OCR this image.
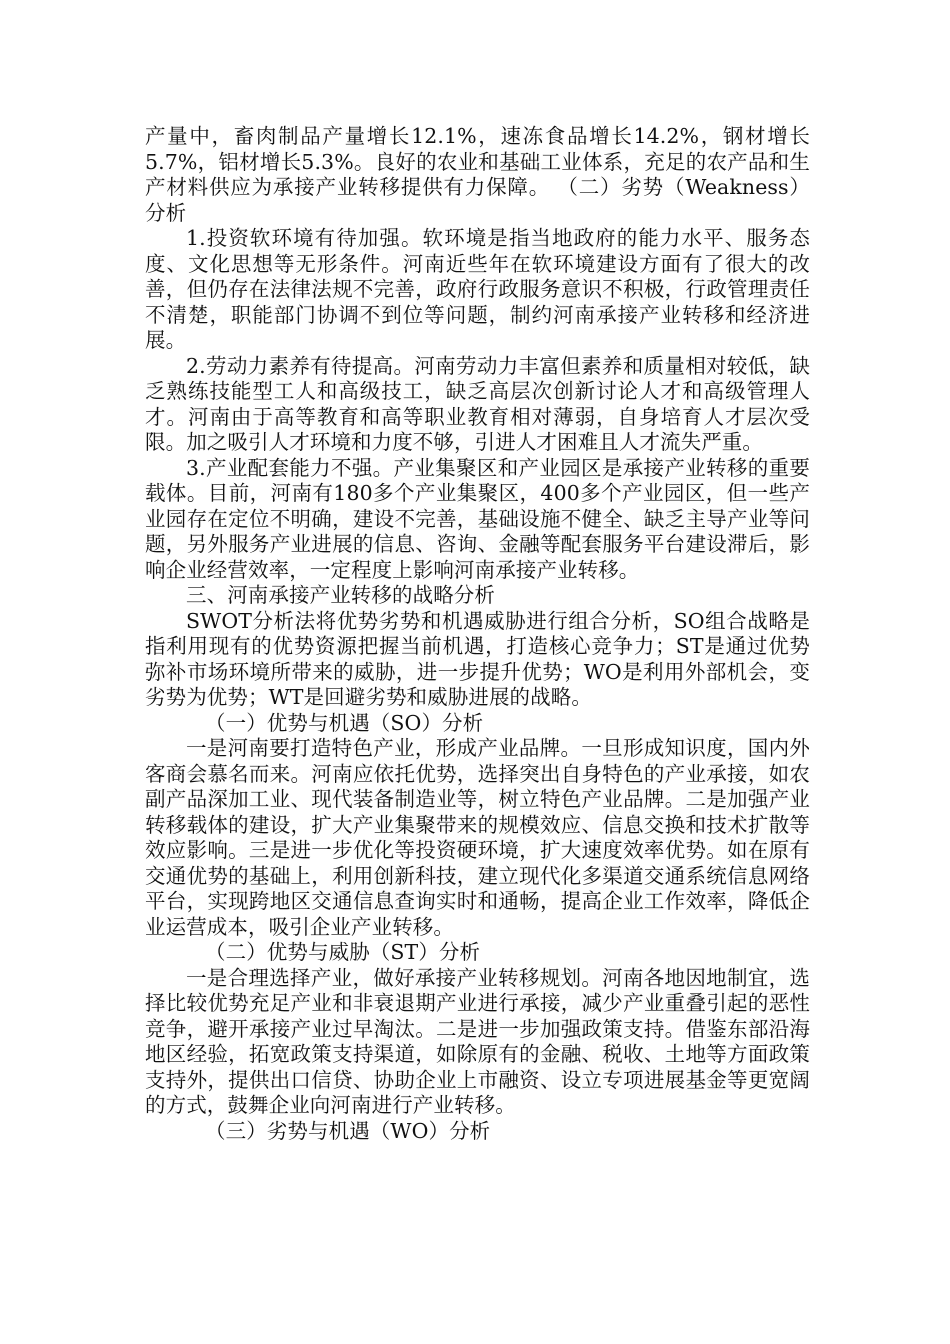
产量中，畜肉制品产量增长12.1%，速冻食品增长14.2%，钢材增长5.7%，铝材增长5.3%。良好的农业和基础工业体系，充足的农产品和生产材料供应为承接产业转移提供有力保障。 （二）劣势（Weakness）分析

1.投资软环境有待加强。软环境是指当地政府的能力水平、服务态度、文化思想等无形条件。河南近些年在软环境建设方面有了很大的改善，但仍存在法律法规不完善，政府行政服务意识不积极，行政管理责任不清楚，职能部门协调不到位等问题，制约河南承接产业转移和经济进展。

2.劳动力素养有待提高。河南劳动力丰富但素养和质量相对较低，缺乏熟练技能型工人和高级技工，缺乏高层次创新讨论人才和高级管理人才。河南由于高等教育和高等职业教育相对薄弱，自身培育人才层次受限。加之吸引人才环境和力度不够，引进人才困难且人才流失严重。

3.产业配套能力不强。产业集聚区和产业园区是承接产业转移的重要载体。目前，河南有180多个产业集聚区，400多个产业园区，但一些产业园存在定位不明确，建设不完善，基础设施不健全、缺乏主导产业等问题，另外服务产业进展的信息、咨询、金融等配套服务平台建设滞后，影响企业经营效率，一定程度上影响河南承接产业转移。

三、河南承接产业转移的战略分析

SWOT分析法将优势劣势和机遇威胁进行组合分析，SO组合战略是指利用现有的优势资源把握当前机遇，打造核心竞争力；ST是通过优势弥补市场环境所带来的威胁，进一步提升优势；WO是利用外部机会，变劣势为优势；WT是回避劣势和威胁进展的战略。

（一）优势与机遇（SO）分析

一是河南要打造特色产业，形成产业品牌。一旦形成知识度，国内外客商会慕名而来。河南应依托优势，选择突出自身特色的产业承接，如农副产品深加工业、现代装备制造业等，树立特色产业品牌。二是加强产业转移载体的建设，扩大产业集聚带来的规模效应、信息交换和技术扩散等效应影响。三是进一步优化等投资硬环境，扩大速度效率优势。如在原有交通优势的基础上，利用创新科技，建立现代化多渠道交通系统信息网络平台，实现跨地区交通信息查询实时和通畅，提高企业工作效率，降低企业运营成本，吸引企业产业转移。

（二）优势与威胁（ST）分析

一是合理选择产业，做好承接产业转移规划。河南各地因地制宜，选择比较优势充足产业和非衰退期产业进行承接，减少产业重叠引起的恶性竞争，避开承接产业过早淘汰。二是进一步加强政策支持。借鉴东部沿海地区经验，拓宽政策支持渠道，如除原有的金融、税收、土地等方面政策支持外，提供出口信贷、协助企业上市融资、设立专项进展基金等更宽阔的方式，鼓舞企业向河南进行产业转移。

（三）劣势与机遇（WO）分析
